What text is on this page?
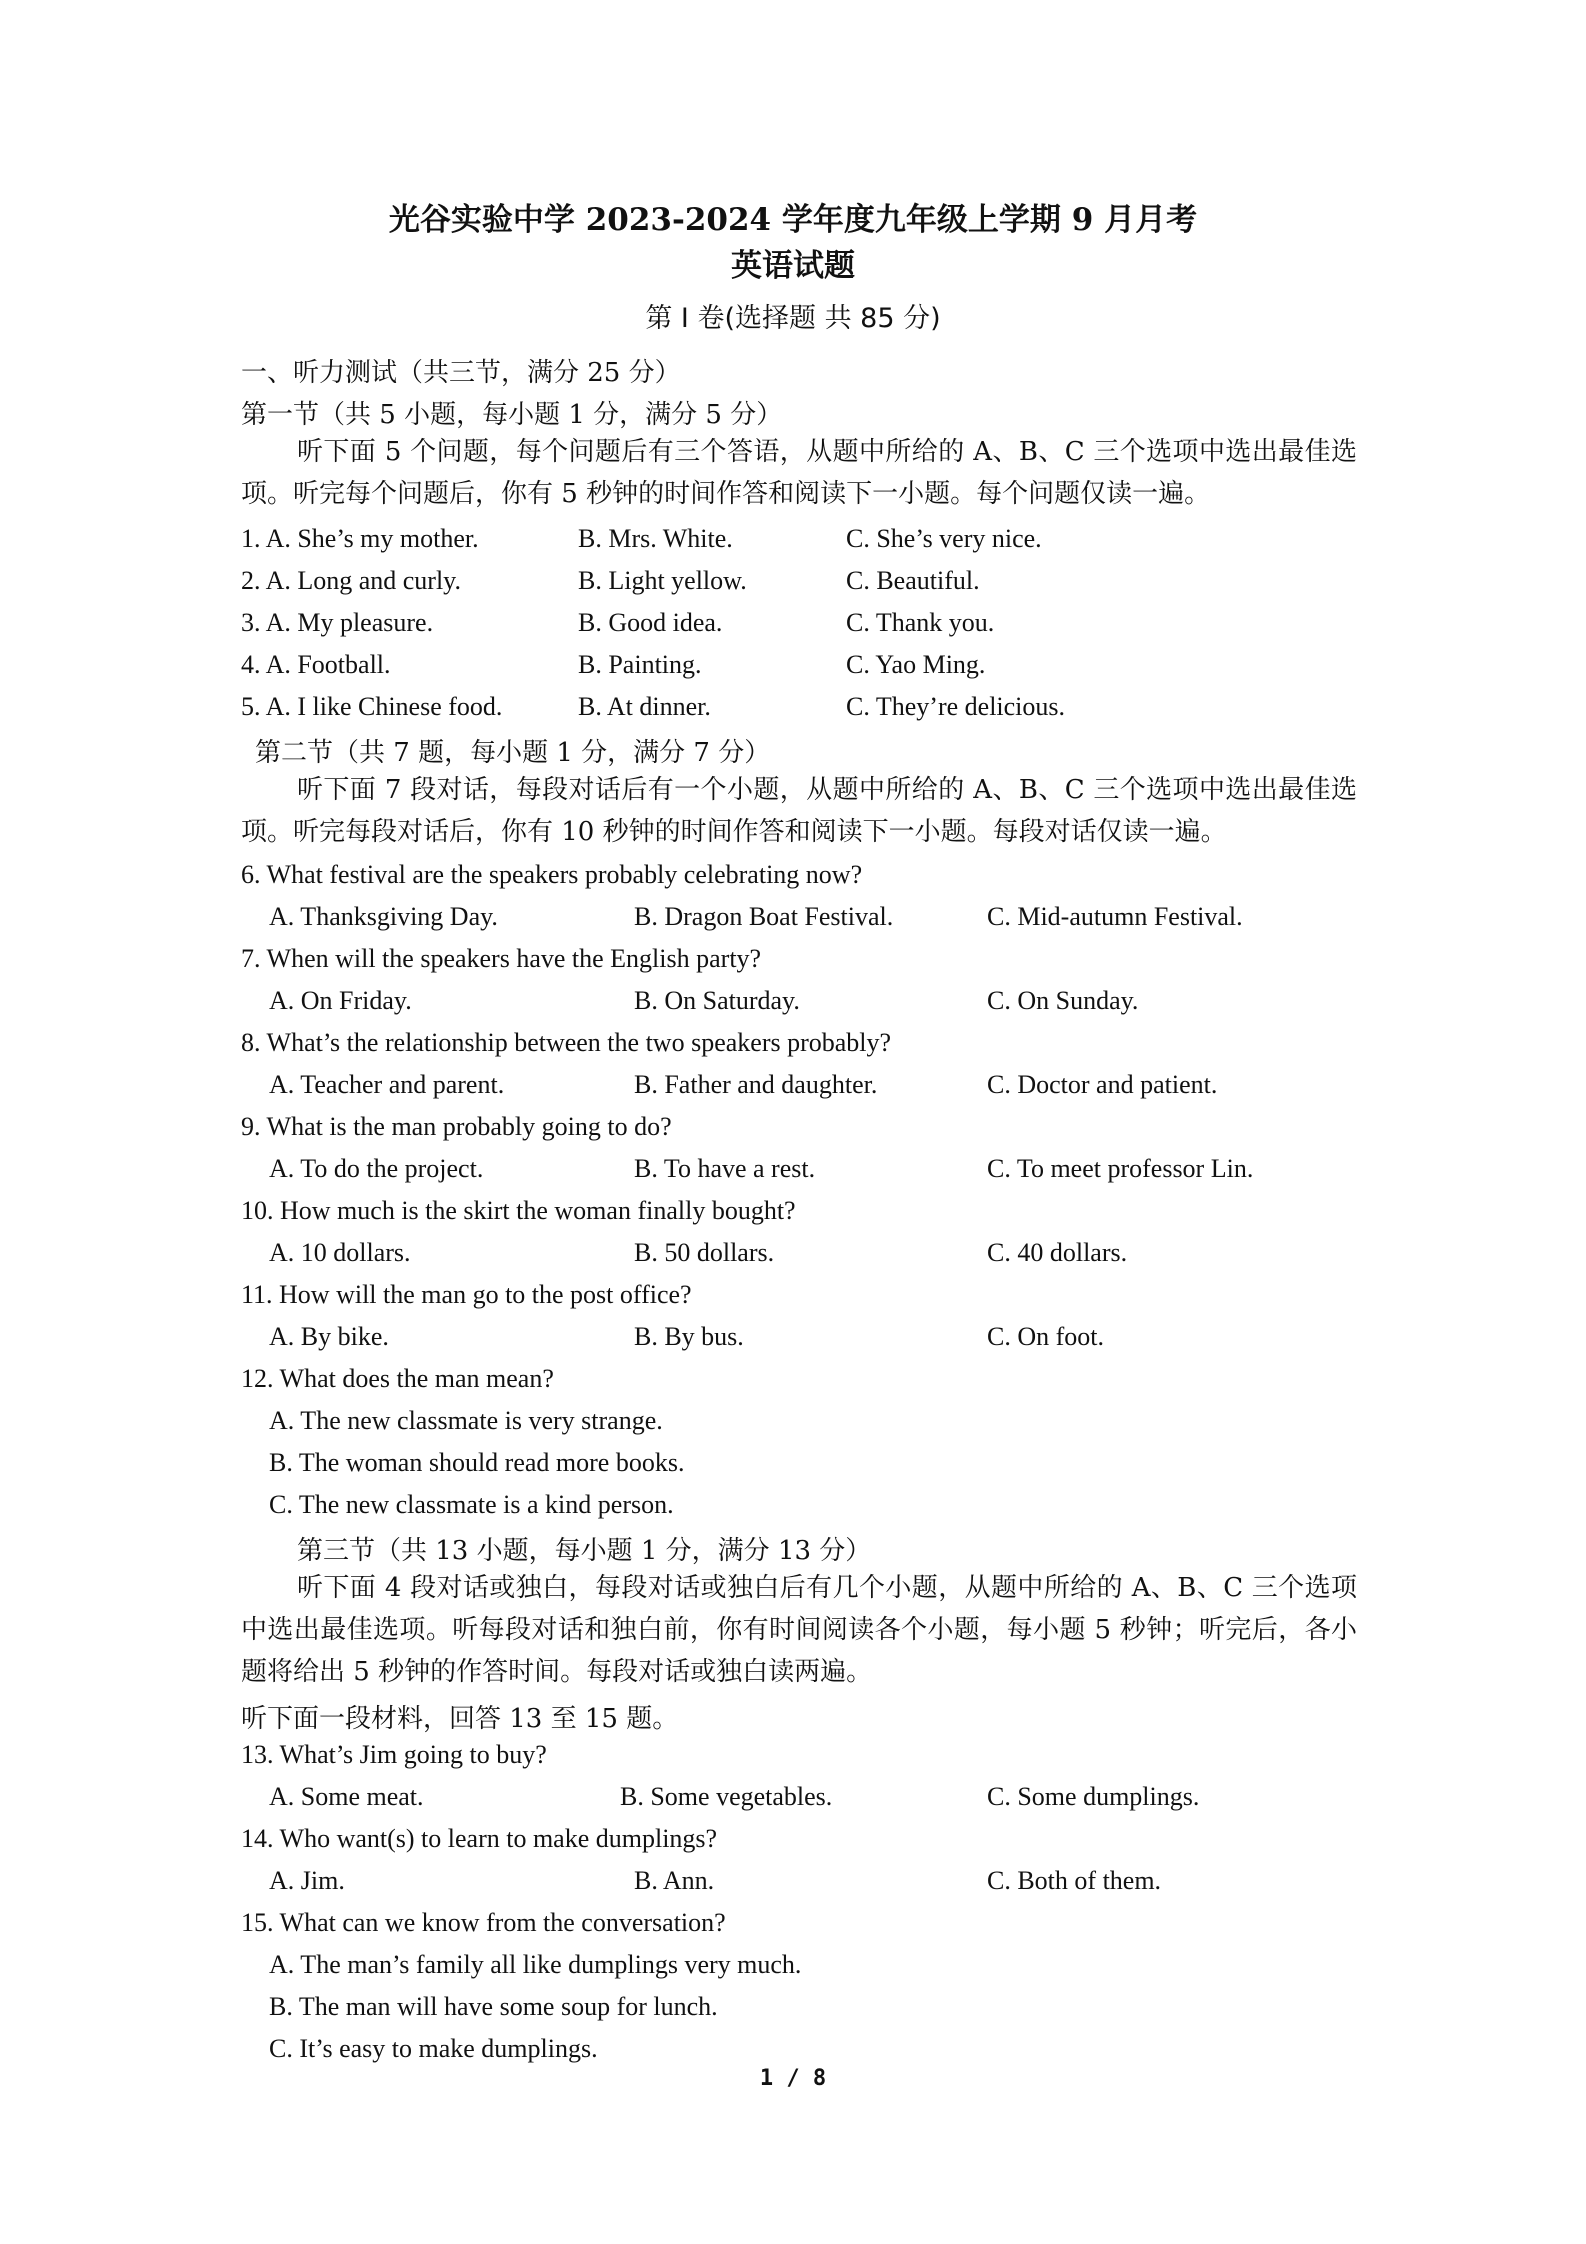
光谷实验中学 2023-2024 学年度九年级上学期 9 月月考
英语试题
第 I 卷(选择题 共 85 分)
一、听力测试（共三节，满分 25 分）
第一节（共 5 小题，每小题 1 分，满分 5 分）
听下面 5 个问题，每个问题后有三个答语，从题中所给的 A、B、C 三个选项中选出最佳选项。听完每个问题后，你有 5 秒钟的时间作答和阅读下一小题。每个问题仅读一遍。
1. A. She’s my mother.	B. Mrs. White.	C. She’s very nice.
2. A. Long and curly.	B. Light yellow.	C. Beautiful.
3. A. My pleasure.	B. Good idea.	C. Thank you.
4. A. Football.	B. Painting.	C. Yao Ming.
5. A. I like Chinese food.	B. At dinner.	C. They’re delicious.
第二节（共 7 题，每小题 1 分，满分 7 分）
听下面 7 段对话，每段对话后有一个小题，从题中所给的 A、B、C 三个选项中选出最佳选项。听完每段对话后，你有 10 秒钟的时间作答和阅读下一小题。每段对话仅读一遍。
6. What festival are the speakers probably celebrating now?
A. Thanksgiving Day.	B. Dragon Boat Festival.	C. Mid-autumn Festival.
7. When will the speakers have the English party?
A. On Friday.	B. On Saturday.	C. On Sunday.
8. What’s the relationship between the two speakers probably?
A. Teacher and parent.	B. Father and daughter.	C. Doctor and patient.
9. What is the man probably going to do?
A. To do the project.	B. To have a rest.	C. To meet professor Lin.
10. How much is the skirt the woman finally bought?
A. 10 dollars.	B. 50 dollars.	C. 40 dollars.
11. How will the man go to the post office?
A. By bike.	B. By bus.	C. On foot.
12. What does the man mean?
A. The new classmate is very strange.
B. The woman should read more books.
C. The new classmate is a kind person.
第三节（共 13 小题，每小题 1 分，满分 13 分）
听下面 4 段对话或独白，每段对话或独白后有几个小题，从题中所给的 A、B、C 三个选项中选出最佳选项。听每段对话和独白前，你有时间阅读各个小题，每小题 5 秒钟；听完后，各小题将给出 5 秒钟的作答时间。每段对话或独白读两遍。
听下面一段材料，回答 13 至 15 题。
13. What’s Jim going to buy?
A. Some meat.	B. Some vegetables.	C. Some dumplings.
14. Who want(s) to learn to make dumplings?
A. Jim.	B. Ann.	C. Both of them.
15. What can we know from the conversation?
A. The man’s family all like dumplings very much.
B. The man will have some soup for lunch.
C. It’s easy to make dumplings.
1 / 8
